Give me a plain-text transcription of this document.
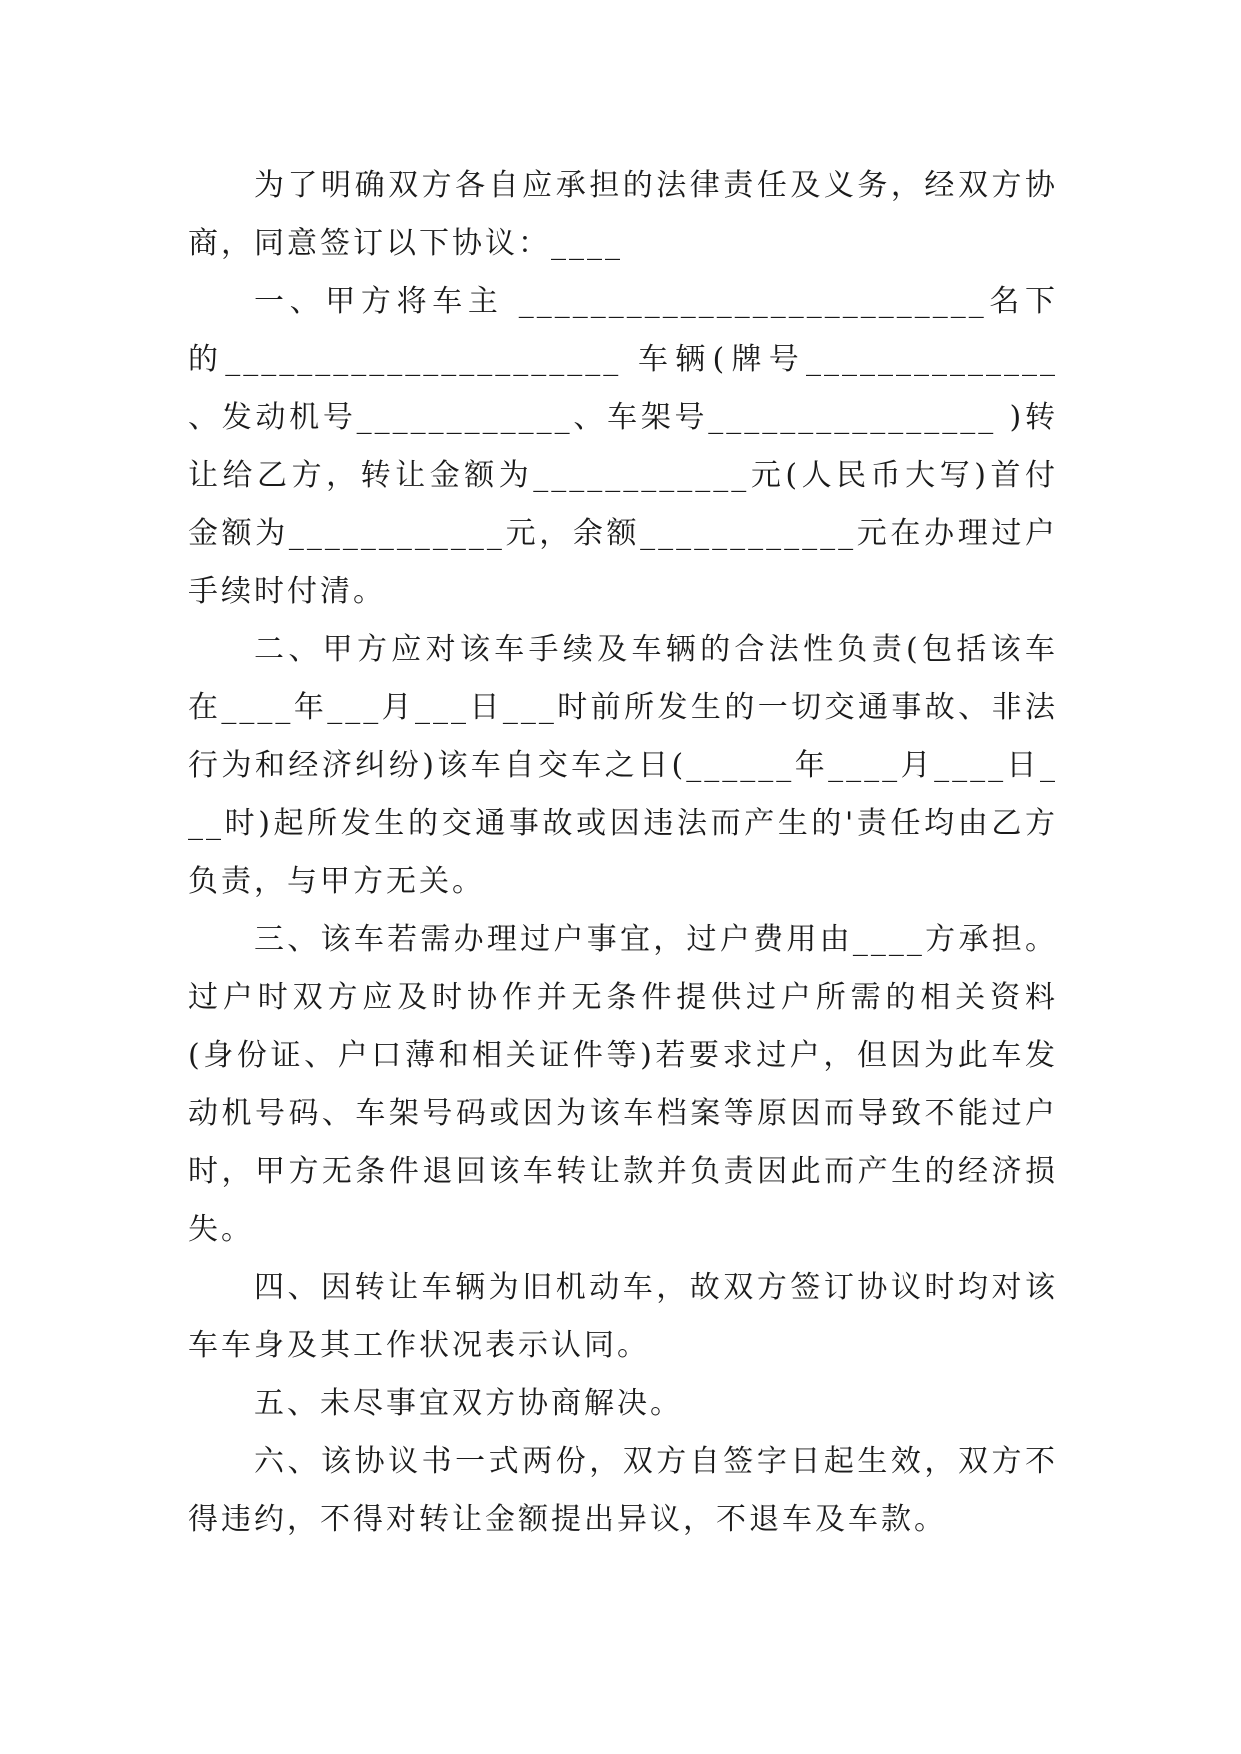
为了明确双方各自应承担的法律责任及义务，经双方协商，同意签订以下协议：____

一、甲方将车主 __________________________名下的______________________ 车辆(牌号______________ 、发动机号____________、车架号________________ )转让给乙方，转让金额为____________元(人民币大写)首付金额为____________元，余额____________元在办理过户手续时付清。

二、甲方应对该车手续及车辆的合法性负责(包括该车在____年___月___日___时前所发生的一切交通事故、非法行为和经济纠纷)该车自交车之日(______年____月____日___时)起所发生的交通事故或因违法而产生的'责任均由乙方负责，与甲方无关。

三、该车若需办理过户事宜，过户费用由____方承担。过户时双方应及时协作并无条件提供过户所需的相关资料(身份证、户口薄和相关证件等)若要求过户，但因为此车发动机号码、车架号码或因为该车档案等原因而导致不能过户时，甲方无条件退回该车转让款并负责因此而产生的经济损失。

四、因转让车辆为旧机动车，故双方签订协议时均对该车车身及其工作状况表示认同。

五、未尽事宜双方协商解决。

六、该协议书一式两份，双方自签字日起生效，双方不得违约，不得对转让金额提出异议，不退车及车款。
